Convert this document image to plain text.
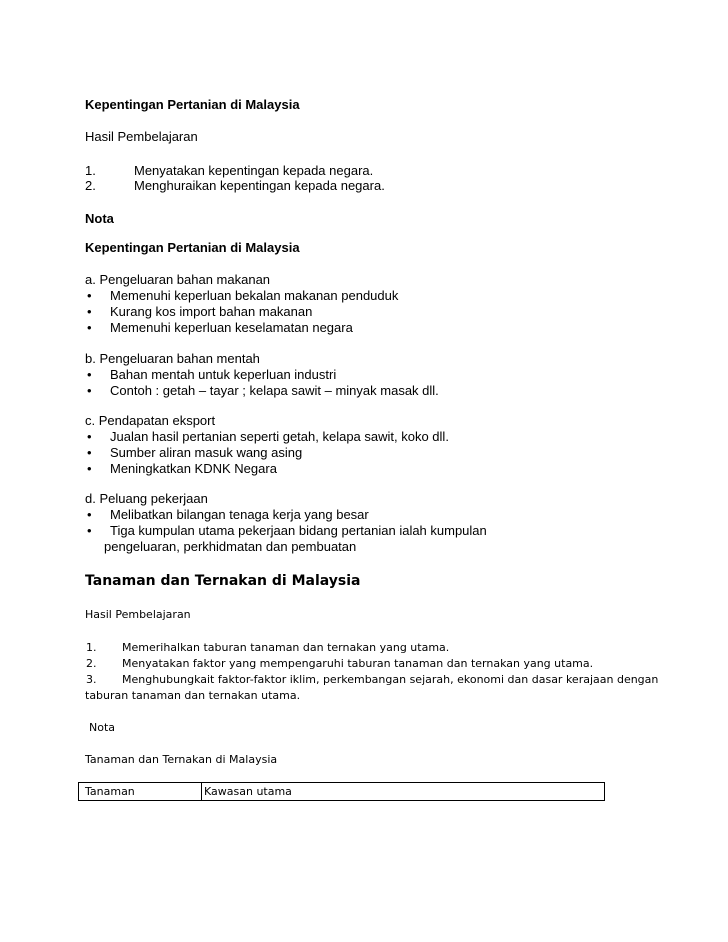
Kepentingan Pertanian di Malaysia
Hasil Pembelajaran
1.	Menyatakan kepentingan kepada negara.
2.	Menghuraikan kepentingan kepada negara.
Nota
Kepentingan Pertanian di Malaysia
a. Pengeluaran bahan makanan
• Memenuhi keperluan bekalan makanan penduduk
• Kurang kos import bahan makanan
• Memenuhi keperluan keselamatan negara
b. Pengeluaran bahan mentah
• Bahan mentah untuk keperluan industri
• Contoh : getah – tayar ; kelapa sawit – minyak masak dll.
c. Pendapatan eksport
• Jualan hasil pertanian seperti getah, kelapa sawit, koko dll.
• Sumber aliran masuk wang asing
• Meningkatkan KDNK Negara
d. Peluang pekerjaan
• Melibatkan bilangan tenaga kerja yang besar
• Tiga kumpulan utama pekerjaan bidang pertanian ialah kumpulan
pengeluaran, perkhidmatan dan pembuatan
Tanaman dan Ternakan di Malaysia
Hasil Pembelajaran
1. Memerihalkan taburan tanaman dan ternakan yang utama.
2. Menyatakan faktor yang mempengaruhi taburan tanaman dan ternakan yang utama.
3. Menghubungkait faktor-faktor iklim, perkembangan sejarah, ekonomi dan dasar kerajaan dengan
taburan tanaman dan ternakan utama.
Nota
Tanaman dan Ternakan di Malaysia
Tanaman	Kawasan utama
